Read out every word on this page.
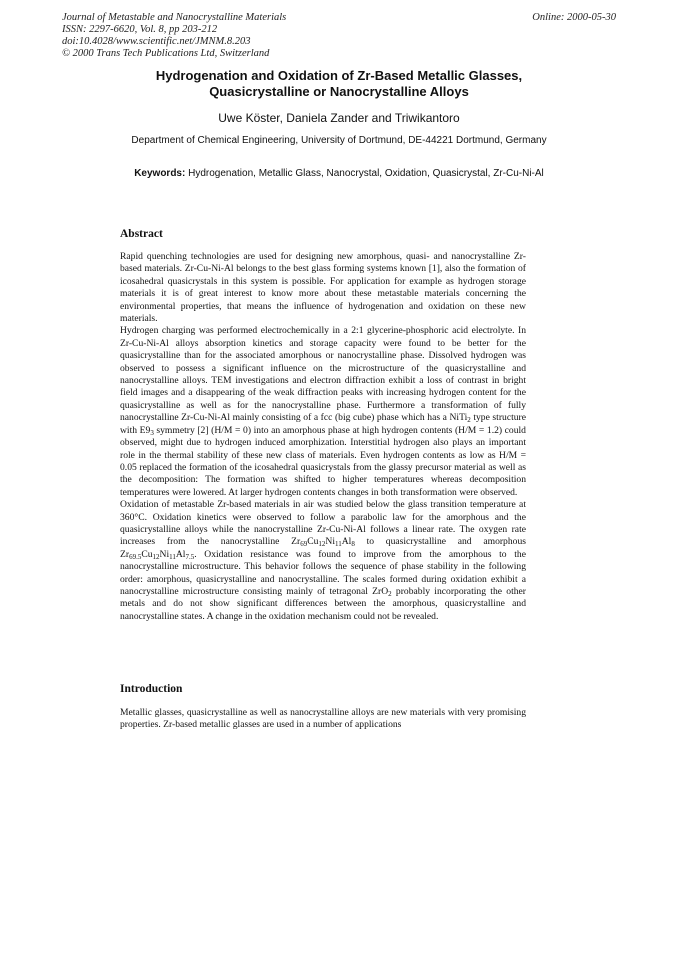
Journal of Metastable and Nanocrystalline Materials
ISSN: 2297-6620, Vol. 8, pp 203-212
doi:10.4028/www.scientific.net/JMNM.8.203
© 2000 Trans Tech Publications Ltd, Switzerland
Online: 2000-05-30
Hydrogenation and Oxidation of Zr-Based Metallic Glasses,
Quasicrystalline or Nanocrystalline Alloys
Uwe Köster, Daniela Zander and Triwikantoro
Department of Chemical Engineering, University of Dortmund, DE-44221 Dortmund, Germany
Keywords: Hydrogenation, Metallic Glass, Nanocrystal, Oxidation, Quasicrystal, Zr-Cu-Ni-Al
Abstract

Rapid quenching technologies are used for designing new amorphous, quasi- and nanocrystalline Zr-based materials. Zr-Cu-Ni-Al belongs to the best glass forming systems known [1], also the formation of icosahedral quasicrystals in this system is possible. For application for example as hydrogen storage materials it is of great interest to know more about these metastable materials concerning the environmental properties, that means the influence of hydrogenation and oxidation on these new materials.

Hydrogen charging was performed electrochemically in a 2:1 glycerine-phosphoric acid electrolyte. In Zr-Cu-Ni-Al alloys absorption kinetics and storage capacity were found to be better for the quasicrystalline than for the associated amorphous or nanocrystalline phase. Dissolved hydrogen was observed to possess a significant influence on the microstructure of the quasicrystalline and nanocrystalline alloys. TEM investigations and electron diffraction exhibit a loss of contrast in bright field images and a disappearing of the weak diffraction peaks with increasing hydrogen content for the quasicrystalline as well as for the nanocrystalline phase. Furthermore a transformation of fully nanocrystalline Zr-Cu-Ni-Al mainly consisting of a fcc (big cube) phase which has a NiTi$_2$ type structure with $E9_3$ symmetry [2] (H/M = 0) into an amorphous phase at high hydrogen contents (H/M = 1.2) could observed, might due to hydrogen induced amorphization. Interstitial hydrogen also plays an important role in the thermal stability of these new class of materials. Even hydrogen contents as low as H/M = 0.05 replaced the formation of the icosahedral quasicrystals from the glassy precursor material as well as the decomposition: The formation was shifted to higher temperatures whereas decomposition temperatures were lowered. At larger hydrogen contents changes in both transformation were observed.

Oxidation of metastable Zr-based materials in air was studied below the glass transition temperature at 360°C. Oxidation kinetics were observed to follow a parabolic law for the amorphous and the quasicrystalline alloys while the nanocrystalline Zr-Cu-Ni-Al follows a linear rate. The oxygen rate increases from the nanocrystalline $Zr_{69}Cu_{12}Ni_{11}Al_8$ to quasicrystalline and amorphous $Zr_{69.5}Cu_{12}Ni_{11}Al_{7.5}$. Oxidation resistance was found to improve from the amorphous to the nanocrystalline microstructure. This behavior follows the sequence of phase stability in the following order: amorphous, quasicrystalline and nanocrystalline. The scales formed during oxidation exhibit a nanocrystalline microstructure consisting mainly of tetragonal ZrO$_2$ probably incorporating the other metals and do not show significant differences between the amorphous, quasicrystalline and nanocrystalline states. A change in the oxidation mechanism could not be revealed.

Introduction

Metallic glasses, quasicrystalline as well as nanocrystalline alloys are new materials with very promising properties. Zr-based metallic glasses are used in a number of applications
